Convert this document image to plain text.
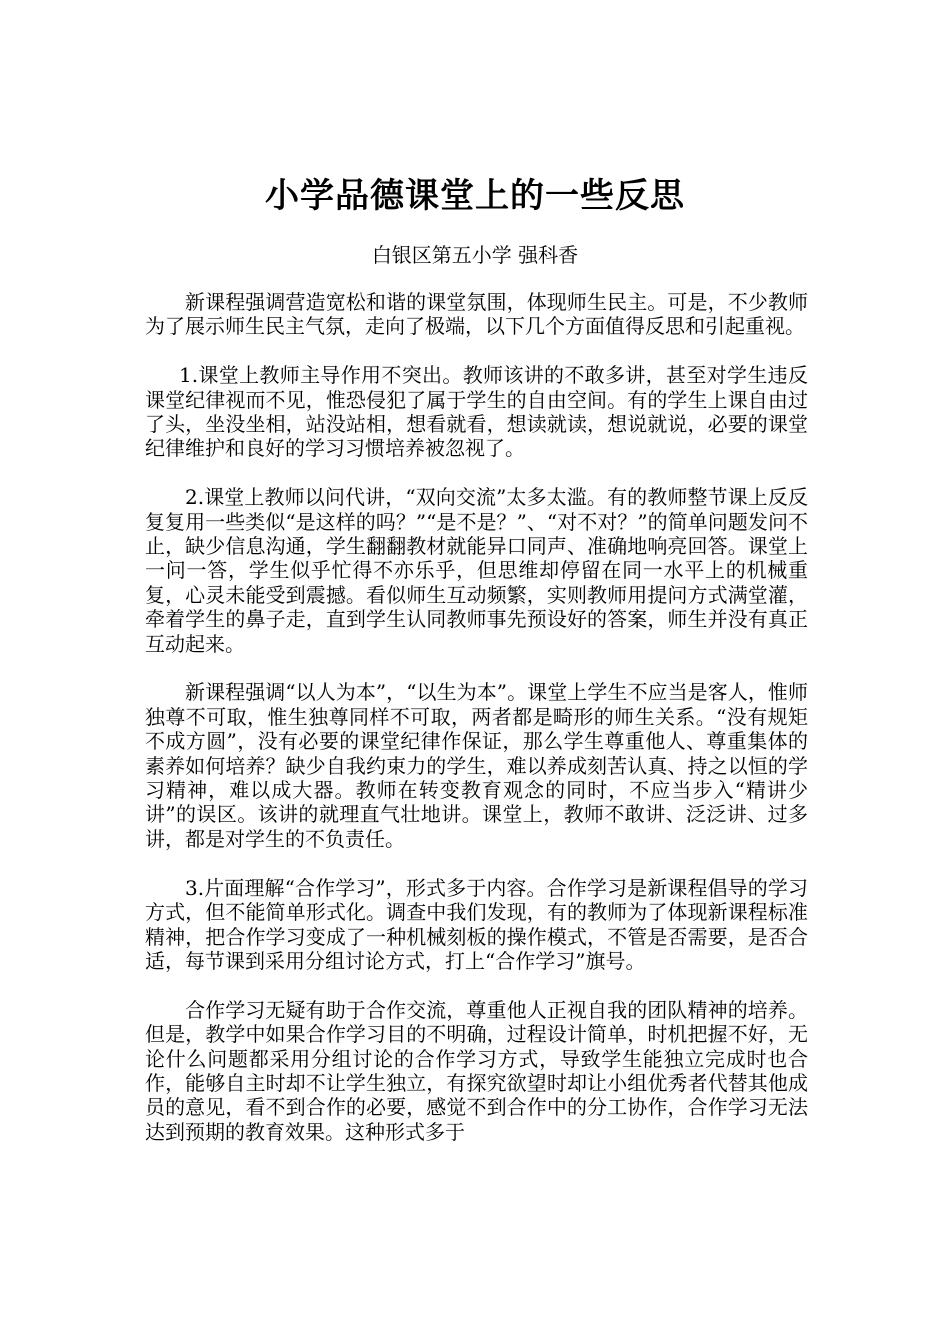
小学品德课堂上的一些反思
白银区第五小学 强科香

新课程强调营造宽松和谐的课堂氛围，体现师生民主。可是，不少教师为了展示师生民主气氛，走向了极端，以下几个方面值得反思和引起重视。

1.课堂上教师主导作用不突出。教师该讲的不敢多讲，甚至对学生违反课堂纪律视而不见，惟恐侵犯了属于学生的自由空间。有的学生上课自由过了头，坐没坐相，站没站相，想看就看，想读就读，想说就说，必要的课堂纪律维护和良好的学习习惯培养被忽视了。

2.课堂上教师以问代讲，“双向交流”太多太滥。有的教师整节课上反反复复用一些类似“是这样的吗？”“是不是？”、“对不对？”的简单问题发问不止，缺少信息沟通，学生翻翻教材就能异口同声、准确地响亮回答。课堂上一问一答，学生似乎忙得不亦乐乎，但思维却停留在同一水平上的机械重复，心灵未能受到震撼。看似师生互动频繁，实则教师用提问方式满堂灌，牵着学生的鼻子走，直到学生认同教师事先预设好的答案，师生并没有真正互动起来。

新课程强调“以人为本”，“以生为本”。课堂上学生不应当是客人，惟师独尊不可取，惟生独尊同样不可取，两者都是畸形的师生关系。“没有规矩不成方圆”，没有必要的课堂纪律作保证，那么学生尊重他人、尊重集体的素养如何培养？缺少自我约束力的学生，难以养成刻苦认真、持之以恒的学习精神，难以成大器。教师在转变教育观念的同时，不应当步入“精讲少讲”的误区。该讲的就理直气壮地讲。课堂上，教师不敢讲、泛泛讲、过多讲，都是对学生的不负责任。

3.片面理解“合作学习”，形式多于内容。合作学习是新课程倡导的学习方式，但不能简单形式化。调查中我们发现，有的教师为了体现新课程标准精神，把合作学习变成了一种机械刻板的操作模式，不管是否需要，是否合适，每节课到采用分组讨论方式，打上“合作学习”旗号。

合作学习无疑有助于合作交流，尊重他人正视自我的团队精神的培养。但是，教学中如果合作学习目的不明确，过程设计简单，时机把握不好，无论什么问题都采用分组讨论的合作学习方式，导致学生能独立完成时也合作，能够自主时却不让学生独立，有探究欲望时却让小组优秀者代替其他成员的意见，看不到合作的必要，感觉不到合作中的分工协作，合作学习无法达到预期的教育效果。这种形式多于
